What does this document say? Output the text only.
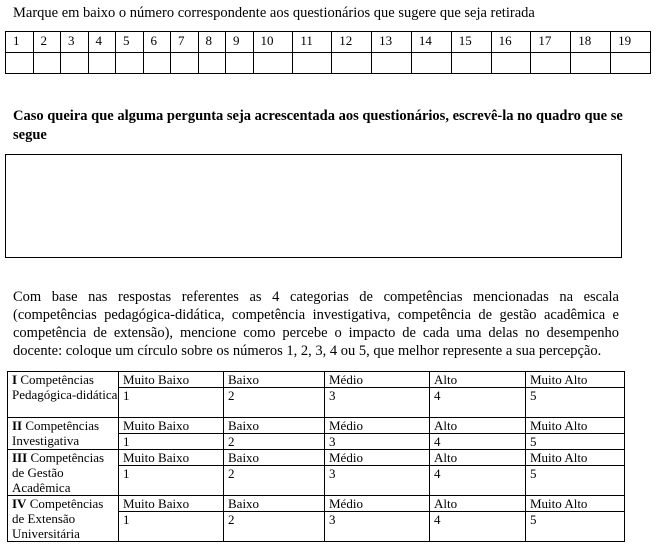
Marque em baixo o número correspondente aos questionários que sugere que seja retirada
1	2	3	4	5	6	7	8	9	10	11	12	13	14	15	16	17	18	19

Caso queira que alguma pergunta seja acrescentada aos questionários, escrevê-la no quadro que se segue
Com base nas respostas referentes as 4 categorias de competências mencionadas na escala (competências pedagógica-didática, competência investigativa, competência de gestão acadêmica e competência de extensão), mencione como percebe o impacto de cada uma delas no desempenho docente: coloque um círculo sobre os números 1, 2, 3, 4 ou 5, que melhor represente a sua percepção.
I Competências
Pedagógica-didática	Muito Baixo	Baixo	Médio	Alto	Muito Alto
	1	2	3	4	5
II Competências
Investigativa	Muito Baixo	Baixo	Médio	Alto	Muito Alto
	1	2	3	4	5
III Competências
de Gestão Acadêmica	Muito Baixo	Baixo	Médio	Alto	Muito Alto
	1	2	3	4	5
IV Competências
de Extensão Universitária	Muito Baixo	Baixo	Médio	Alto	Muito Alto
	1	2	3	4	5
